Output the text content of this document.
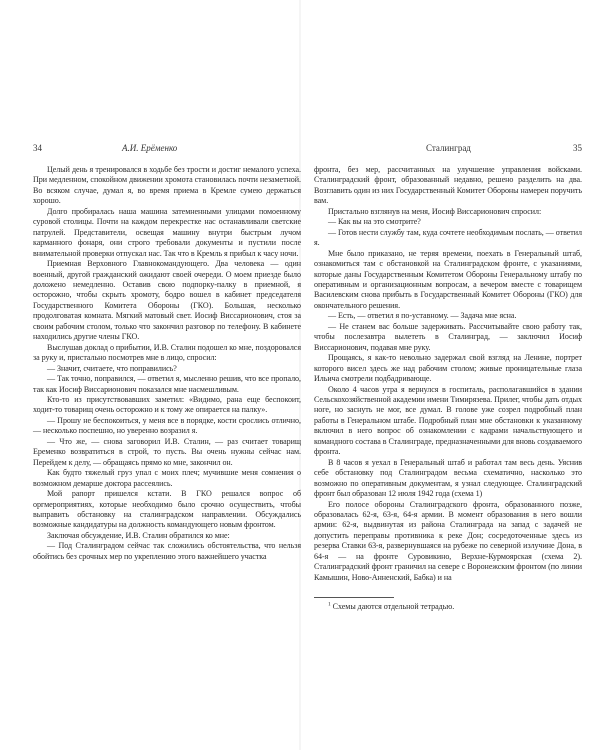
34	А.И. Ерёменко

Целый день я тренировался в ходьбе без трости и достиг немалого успеха. При медленном, спокойном движении хромота становилась почти незаметной. Во всяком случае, думал я, во время приема в Кремле сумею держаться хорошо.

Долго пробиралась наша машина затемненными улицами помоенному суровой столицы. Почти на каждом перекрестке нас останавливали светские патрулей. Представители, освещая машину внутри быстрым лучом карманного фонаря, они строго требовали документы и пустили после внимательной проверки отпускал нас. Так что в Кремль я прибыл к часу ночи.

Приемная Верховного Главнокомандующего. Два человека — один военный, другой гражданский ожидают своей очереди. О моем приезде было доложено немедленно. Оставив свою подпорку-палку в приемной, я осторожно, чтобы скрыть хромоту, бодро вошел в кабинет председателя Государственного Комитета Обороны (ГКО). Большая, несколько продолговатая комната. Мягкий матовый свет. Иосиф Виссарионович, стоя за своим рабочим столом, только что закончил разговор по телефону. В кабинете находились другие члены ГКО.

Выслушав доклад о прибытии, И.В. Сталин подошел ко мне, поздоровался за руку и, пристально посмотрев мне в лицо, спросил:

— Значит, считаете, что поправились?

— Так точно, поправился, — ответил я, мысленно решив, что все пропало, так как Иосиф Виссарионович показался мне насмешливым.

Кто-то из присутствовавших заметил: «Видимо, рана еще беспокоит, ходит-то товарищ очень осторожно и к тому же опирается на палку».

— Прошу не беспокоиться, у меня все в порядке, кости срослись отлично, — несколько поспешно, но уверенно возразил я.

— Что же, — снова заговорил И.В. Сталин, — раз считает товарищ Еременко возвратиться в строй, то пусть. Вы очень нужны сейчас нам. Перейдем к делу, — обращаясь прямо ко мне, закончил он.

Как будто тяжелый груз упал с моих плеч; мучившие меня сомнения о возможном демарше доктора рассеялись.

Мой рапорт пришелся кстати. В ГКО решался вопрос об оргмероприятиях, которые необходимо было срочно осуществить, чтобы выправить обстановку на сталинградском направлении. Обсуждались возможные кандидатуры на должность командующего новым фронтом.

Заключая обсуждение, И.В. Сталин обратился ко мне:

— Под Сталинградом сейчас так сложились обстоятельства, что нельзя обойтись без срочных мер по укреплению этого важнейшего участка

Сталинград	35

фронта, без мер, рассчитанных на улучшение управления войсками. Сталинградский фронт, образованный недавно, решено разделить на два. Возглавить один из них Государственный Комитет Обороны намерен поручить вам.

Пристально взглянув на меня, Иосиф Виссарионович спросил:

— Как вы на это смотрите?

— Готов нести службу там, куда сочтете необходимым послать, — ответил я.

Мне было приказано, не теряя времени, поехать в Генеральный штаб, ознакомиться там с обстановкой на Сталинградском фронте, с указаниями, которые даны Государственным Комитетом Обороны Генеральному штабу по оперативным и организационным вопросам, а вечером вместе с товарищем Василевским снова прибыть в Государственный Комитет Обороны (ГКО) для окончательного решения.

— Есть, — ответил я по-уставному. — Задача мне ясна.

— Не станем вас больше задерживать. Рассчитывайте свою работу так, чтобы послезавтра вылететь в Сталинград, — заключил Иосиф Виссарионович, подавая мне руку.

Прощаясь, я как-то невольно задержал свой взгляд на Ленине, портрет которого висел здесь же над рабочим столом; живые проницательные глаза Ильича смотрели подбадривающе.

Около 4 часов утра я вернулся в госпиталь, располагавшийся в здании Сельскохозяйственной академии имени Тимирязева. Прилег, чтобы дать отдых ноге, но заснуть не мог, все думал. В голове уже созрел подробный план работы в Генеральном штабе. Подробный план мне обстановки к указанному включил в него вопрос об ознакомлении с кадрами начальствующего и командного состава в Сталинграде, предназначенными для вновь создаваемого фронта.

В 8 часов я уехал в Генеральный штаб и работал там весь день. Уяснив себе обстановку под Сталинградом весьма схематично, насколько это возможно по оперативным документам, я узнал следующее. Сталинградский фронт был образован 12 июля 1942 года (схема 1)

Его полосе обороны Сталинградского фронта, образованного позже, образовалась 62-я, 63-я, 64-я армии. В момент образования в него вошли армии: 62-я, выдвинутая из района Сталинграда на запад с задачей не допустить переправы противника к реке Дон; сосредоточенные здесь из резерва Ставки 63-я, развернувшаяся на рубеже по северной излучине Дона, в 64-я — на фронте Суровикино, Верхне-Курмоярская (схема 2). Сталинградский фронт граничил на севере с Воронежским фронтом (по линии Камышин, Ново-Анненский, Бабка) и на

$^1$ Схемы даются отдельной тетрадью.
